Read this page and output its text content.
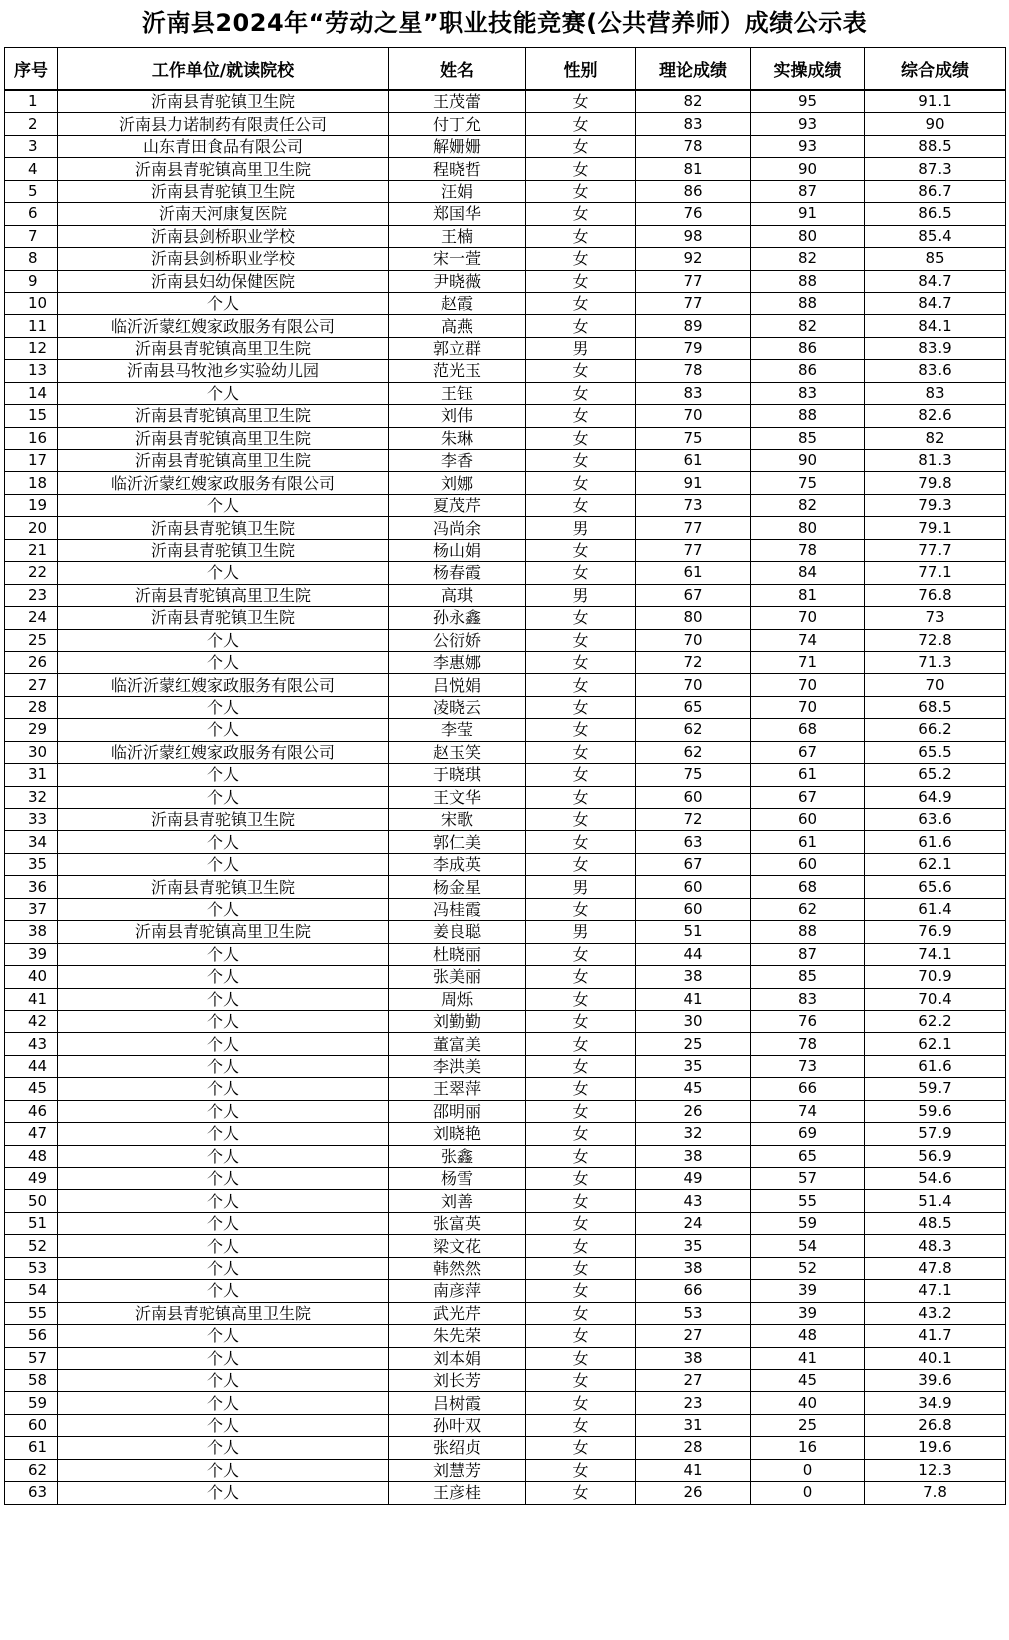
沂南县2024年“劳动之星”职业技能竞赛(公共营养师）成绩公示表
序号	工作单位/就读院校	姓名	性别	理论成绩	实操成绩	综合成绩
1	沂南县青驼镇卫生院	王茂蕾	女	82	95	91.1
2	沂南县力诺制药有限责任公司	付丁允	女	83	93	90
3	山东青田食品有限公司	解姗姗	女	78	93	88.5
4	沂南县青驼镇高里卫生院	程晓哲	女	81	90	87.3
5	沂南县青驼镇卫生院	汪娟	女	86	87	86.7
6	沂南天河康复医院	郑国华	女	76	91	86.5
7	沂南县剑桥职业学校	王楠	女	98	80	85.4
8	沂南县剑桥职业学校	宋一萱	女	92	82	85
9	沂南县妇幼保健医院	尹晓薇	女	77	88	84.7
10	个人	赵霞	女	77	88	84.7
11	临沂沂蒙红嫂家政服务有限公司	高燕	女	89	82	84.1
12	沂南县青驼镇高里卫生院	郭立群	男	79	86	83.9
13	沂南县马牧池乡实验幼儿园	范光玉	女	78	86	83.6
14	个人	王钰	女	83	83	83
15	沂南县青驼镇高里卫生院	刘伟	女	70	88	82.6
16	沂南县青驼镇高里卫生院	朱琳	女	75	85	82
17	沂南县青驼镇高里卫生院	李香	女	61	90	81.3
18	临沂沂蒙红嫂家政服务有限公司	刘娜	女	91	75	79.8
19	个人	夏茂芹	女	73	82	79.3
20	沂南县青驼镇卫生院	冯尚余	男	77	80	79.1
21	沂南县青驼镇卫生院	杨山娟	女	77	78	77.7
22	个人	杨春霞	女	61	84	77.1
23	沂南县青驼镇高里卫生院	高琪	男	67	81	76.8
24	沂南县青驼镇卫生院	孙永鑫	女	80	70	73
25	个人	公衍娇	女	70	74	72.8
26	个人	李惠娜	女	72	71	71.3
27	临沂沂蒙红嫂家政服务有限公司	吕悦娟	女	70	70	70
28	个人	凌晓云	女	65	70	68.5
29	个人	李莹	女	62	68	66.2
30	临沂沂蒙红嫂家政服务有限公司	赵玉笑	女	62	67	65.5
31	个人	于晓琪	女	75	61	65.2
32	个人	王文华	女	60	67	64.9
33	沂南县青驼镇卫生院	宋歌	女	72	60	63.6
34	个人	郭仁美	女	63	61	61.6
35	个人	李成英	女	67	60	62.1
36	沂南县青驼镇卫生院	杨金星	男	60	68	65.6
37	个人	冯桂霞	女	60	62	61.4
38	沂南县青驼镇高里卫生院	姜良聪	男	51	88	76.9
39	个人	杜晓丽	女	44	87	74.1
40	个人	张美丽	女	38	85	70.9
41	个人	周烁	女	41	83	70.4
42	个人	刘勤勤	女	30	76	62.2
43	个人	董富美	女	25	78	62.1
44	个人	李洪美	女	35	73	61.6
45	个人	王翠萍	女	45	66	59.7
46	个人	邵明丽	女	26	74	59.6
47	个人	刘晓艳	女	32	69	57.9
48	个人	张鑫	女	38	65	56.9
49	个人	杨雪	女	49	57	54.6
50	个人	刘善	女	43	55	51.4
51	个人	张富英	女	24	59	48.5
52	个人	梁文花	女	35	54	48.3
53	个人	韩然然	女	38	52	47.8
54	个人	南彦萍	女	66	39	47.1
55	沂南县青驼镇高里卫生院	武光芹	女	53	39	43.2
56	个人	朱先荣	女	27	48	41.7
57	个人	刘本娟	女	38	41	40.1
58	个人	刘长芳	女	27	45	39.6
59	个人	吕树霞	女	23	40	34.9
60	个人	孙叶双	女	31	25	26.8
61	个人	张绍贞	女	28	16	19.6
62	个人	刘慧芳	女	41	0	12.3
63	个人	王彦桂	女	26	0	7.8
